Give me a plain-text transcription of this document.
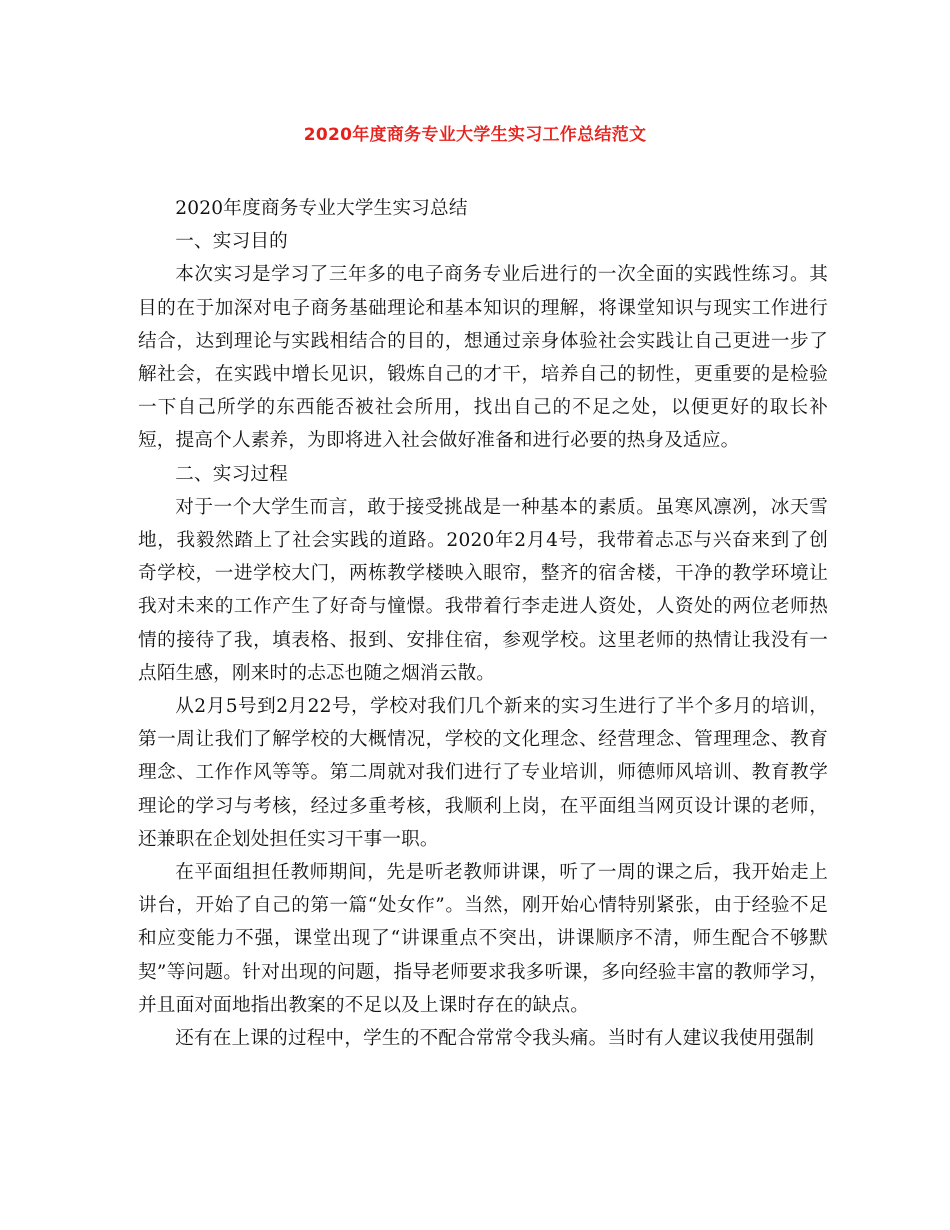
2020年度商务专业大学生实习工作总结范文

2020年度商务专业大学生实习总结

一、实习目的

本次实习是学习了三年多的电子商务专业后进行的一次全面的实践性练习。其目的在于加深对电子商务基础理论和基本知识的理解，将课堂知识与现实工作进行结合，达到理论与实践相结合的目的，想通过亲身体验社会实践让自己更进一步了解社会，在实践中增长见识，锻炼自己的才干，培养自己的韧性，更重要的是检验一下自己所学的东西能否被社会所用，找出自己的不足之处，以便更好的取长补短，提高个人素养，为即将进入社会做好准备和进行必要的热身及适应。

二、实习过程

对于一个大学生而言，敢于接受挑战是一种基本的素质。虽寒风凛冽，冰天雪地，我毅然踏上了社会实践的道路。2020年2月4号，我带着忐忑与兴奋来到了创奇学校，一进学校大门，两栋教学楼映入眼帘，整齐的宿舍楼，干净的教学环境让我对未来的工作产生了好奇与憧憬。我带着行李走进人资处，人资处的两位老师热情的接待了我，填表格、报到、安排住宿，参观学校。这里老师的热情让我没有一点陌生感，刚来时的忐忑也随之烟消云散。

从2月5号到2月22号，学校对我们几个新来的实习生进行了半个多月的培训，第一周让我们了解学校的大概情况，学校的文化理念、经营理念、管理理念、教育理念、工作作风等等。第二周就对我们进行了专业培训，师德师风培训、教育教学理论的学习与考核，经过多重考核，我顺利上岗，在平面组当网页设计课的老师，还兼职在企划处担任实习干事一职。

在平面组担任教师期间，先是听老教师讲课，听了一周的课之后，我开始走上讲台，开始了自己的第一篇“处女作”。当然，刚开始心情特别紧张，由于经验不足和应变能力不强，课堂出现了“讲课重点不突出，讲课顺序不清，师生配合不够默契”等问题。针对出现的问题，指导老师要求我多听课，多向经验丰富的教师学习，并且面对面地指出教案的不足以及上课时存在的缺点。

还有在上课的过程中，学生的不配合常常令我头痛。当时有人建议我使用强制
